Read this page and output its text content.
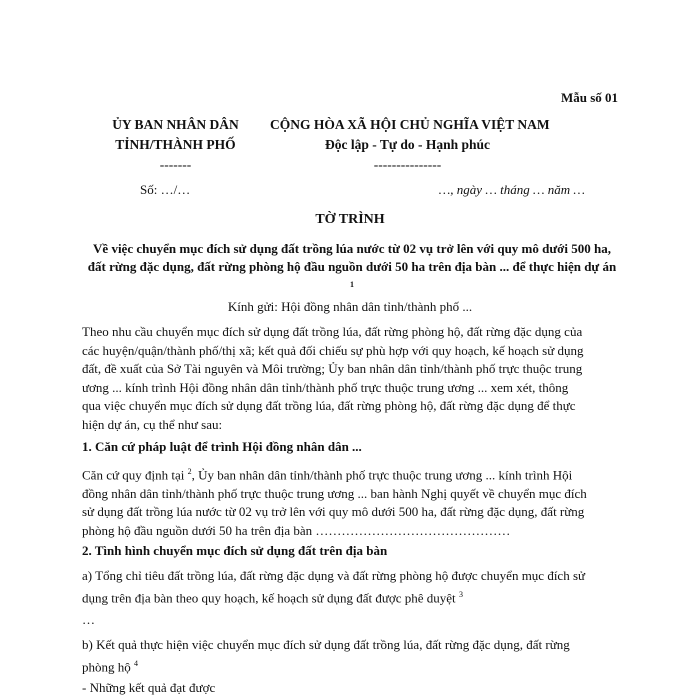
Mẫu số 01
ỦY BAN NHÂN DÂN
TỈNH/THÀNH PHỐ
-------
CỘNG HÒA XÃ HỘI CHỦ NGHĨA VIỆT NAM
Độc lập - Tự do - Hạnh phúc
---------------
Số: …/…	…, ngày … tháng … năm …
TỜ TRÌNH
Về việc chuyển mục đích sử dụng đất trồng lúa nước từ 02 vụ trở lên với quy mô dưới 500 ha, đất rừng đặc dụng, đất rừng phòng hộ đầu nguồn dưới 50 ha trên địa bàn ... để thực hiện dự án $^1$
Kính gửi: Hội đồng nhân dân tỉnh/thành phố ...
Theo nhu cầu chuyển mục đích sử dụng đất trồng lúa, đất rừng phòng hộ, đất rừng đặc dụng của
các huyện/quận/thành phố/thị xã; kết quả đối chiếu sự phù hợp với quy hoạch, kế hoạch sử dụng
đất, đề xuất của Sở Tài nguyên và Môi trường; Ủy ban nhân dân tỉnh/thành phố trực thuộc trung
ương ... kính trình Hội đồng nhân dân tỉnh/thành phố trực thuộc trung ương ... xem xét, thông
qua việc chuyển mục đích sử dụng đất trồng lúa, đất rừng phòng hộ, đất rừng đặc dụng để thực
hiện dự án, cụ thể như sau:
1. Căn cứ pháp luật để trình Hội đồng nhân dân ...
Căn cứ quy định tại $^2$, Ủy ban nhân dân tỉnh/thành phố trực thuộc trung ương ... kính trình Hội
đồng nhân dân tỉnh/thành phố trực thuộc trung ương ... ban hành Nghị quyết về chuyển mục đích
sử dụng đất trồng lúa nước từ 02 vụ trở lên với quy mô dưới 500 ha, đất rừng đặc dụng, đất rừng
phòng hộ đầu nguồn dưới 50 ha trên địa bàn ………………………………………
2. Tình hình chuyển mục đích sử dụng đất trên địa bàn
a) Tổng chỉ tiêu đất trồng lúa, đất rừng đặc dụng và đất rừng phòng hộ được chuyển mục đích sử
dụng trên địa bàn theo quy hoạch, kế hoạch sử dụng đất được phê duyệt $^3$
…
b) Kết quả thực hiện việc chuyển mục đích sử dụng đất trồng lúa, đất rừng đặc dụng, đất rừng
phòng hộ $^4$
- Những kết quả đạt được
